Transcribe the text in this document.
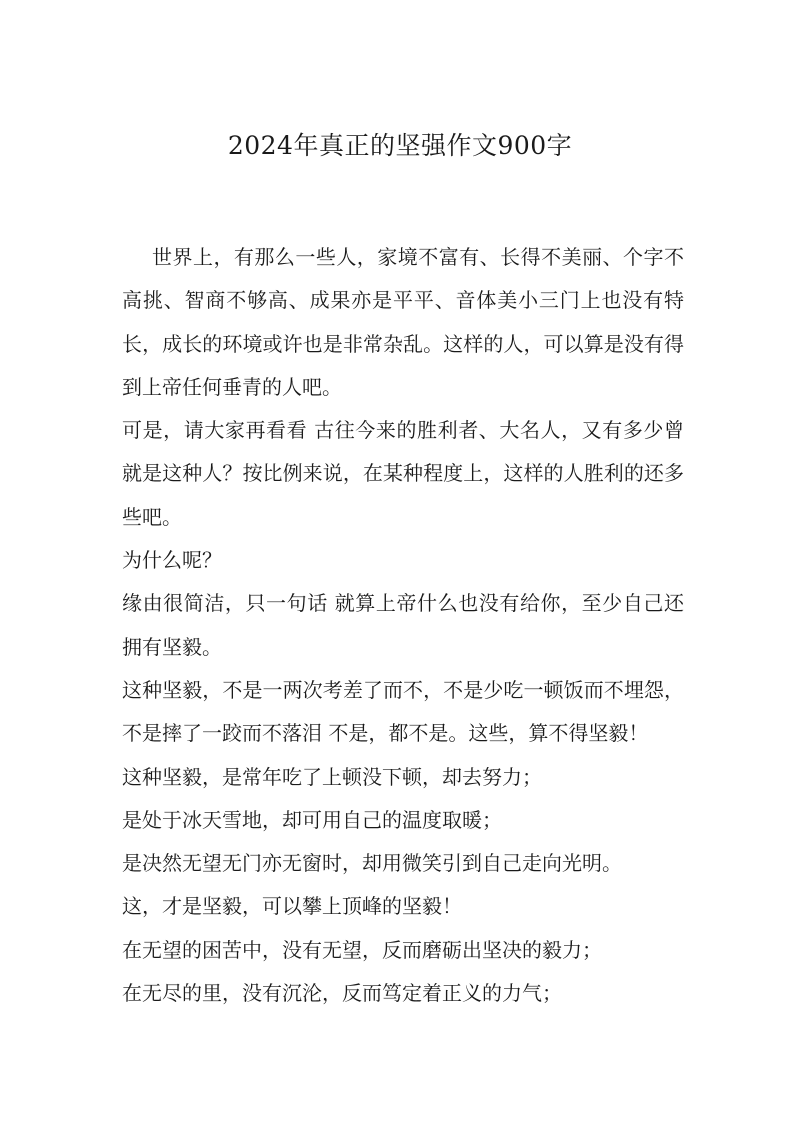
2024年真正的坚强作文900字

世界上，有那么一些人，家境不富有、长得不美丽、个字不高挑、智商不够高、成果亦是平平、音体美小三门上也没有特长，成长的环境或许也是非常杂乱。这样的人，可以算是没有得到上帝任何垂青的人吧。

可是，请大家再看看 古往今来的胜利者、大名人，又有多少曾就是这种人？按比例来说，在某种程度上，这样的人胜利的还多些吧。

为什么呢？

缘由很简洁，只一句话 就算上帝什么也没有给你，至少自己还拥有坚毅。

这种坚毅，不是一两次考差了而不，不是少吃一顿饭而不埋怨，不是摔了一跤而不落泪 不是，都不是。这些，算不得坚毅！

这种坚毅，是常年吃了上顿没下顿，却去努力；

是处于冰天雪地，却可用自己的温度取暖；

是决然无望无门亦无窗时，却用微笑引到自己走向光明。

这，才是坚毅，可以攀上顶峰的坚毅！

在无望的困苦中，没有无望，反而磨砺出坚决的毅力；

在无尽的里，没有沉沦，反而笃定着正义的力气；
